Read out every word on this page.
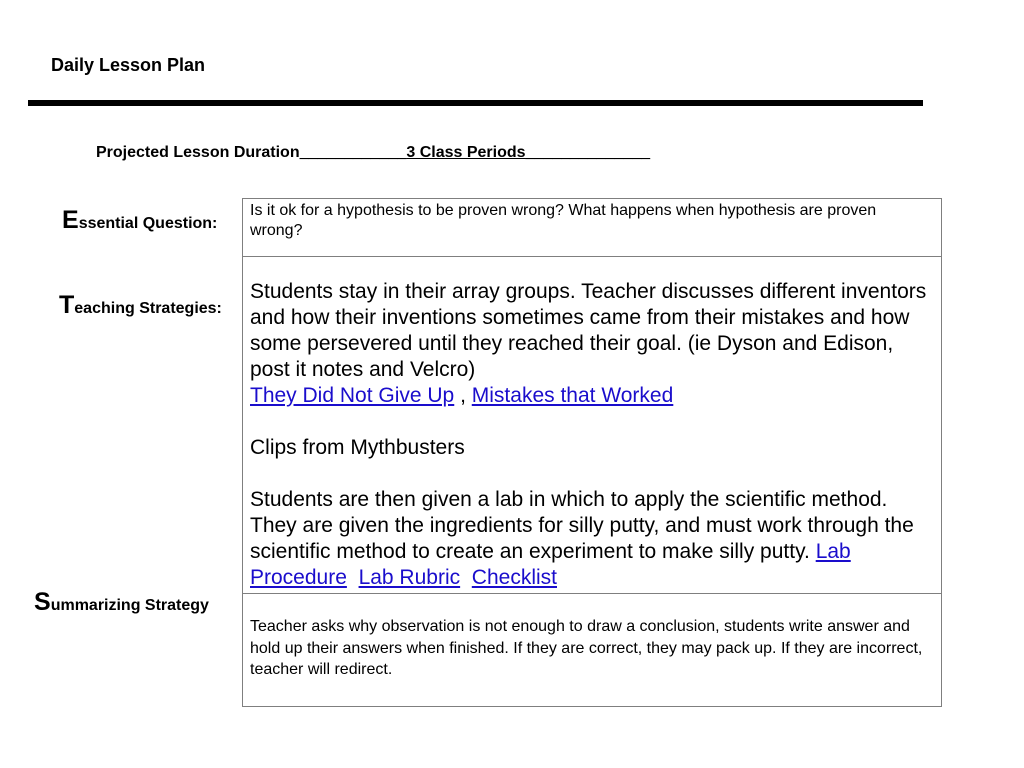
Daily Lesson Plan
Projected Lesson Duration____________3 Class Periods______________
Essential Question:
Teaching Strategies:
Summarizing Strategy
Is it ok for a hypothesis to be proven wrong? What happens when hypothesis are proven wrong?

Students stay in their array groups. Teacher discusses different inventors and how their inventions sometimes came from their mistakes and how some persevered until they reached their goal. (ie Dyson and Edison, post it notes and Velcro)
They Did Not Give Up , Mistakes that Worked

Clips from Mythbusters

Students are then given a lab in which to apply the scientific method. They are given the ingredients for silly putty, and must work through the scientific method to create an experiment to make silly putty. Lab Procedure Lab Rubric Checklist

Teacher asks why observation is not enough to draw a conclusion, students write answer and hold up their answers when finished. If they are correct, they may pack up. If they are incorrect, teacher will redirect.
